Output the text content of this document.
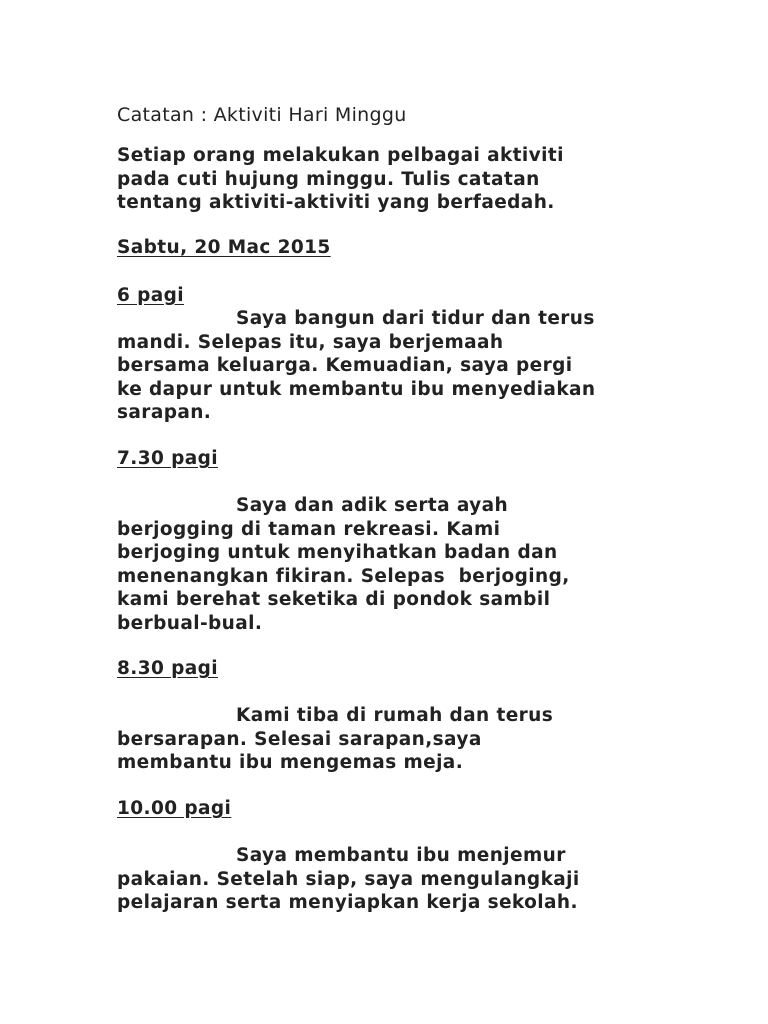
Catatan : Aktiviti Hari Minggu

Setiap orang melakukan pelbagai aktiviti
pada cuti hujung minggu. Tulis catatan
tentang aktiviti-aktiviti yang berfaedah.

Sabtu, 20 Mac 2015
6 pagi

Saya bangun dari tidur dan terus
mandi. Selepas itu, saya berjemaah
bersama keluarga. Kemuadian, saya pergi
ke dapur untuk membantu ibu menyediakan
sarapan.

7.30 pagi

Saya dan adik serta ayah
berjogging di taman rekreasi. Kami
berjoging untuk menyihatkan badan dan
menenangkan fikiran. Selepas  berjoging,
kami berehat seketika di pondok sambil
berbual-bual.

8.30 pagi

Kami tiba di rumah dan terus
bersarapan. Selesai sarapan,saya
membantu ibu mengemas meja.

10.00 pagi

Saya membantu ibu menjemur
pakaian. Setelah siap, saya mengulangkaji
pelajaran serta menyiapkan kerja sekolah.
